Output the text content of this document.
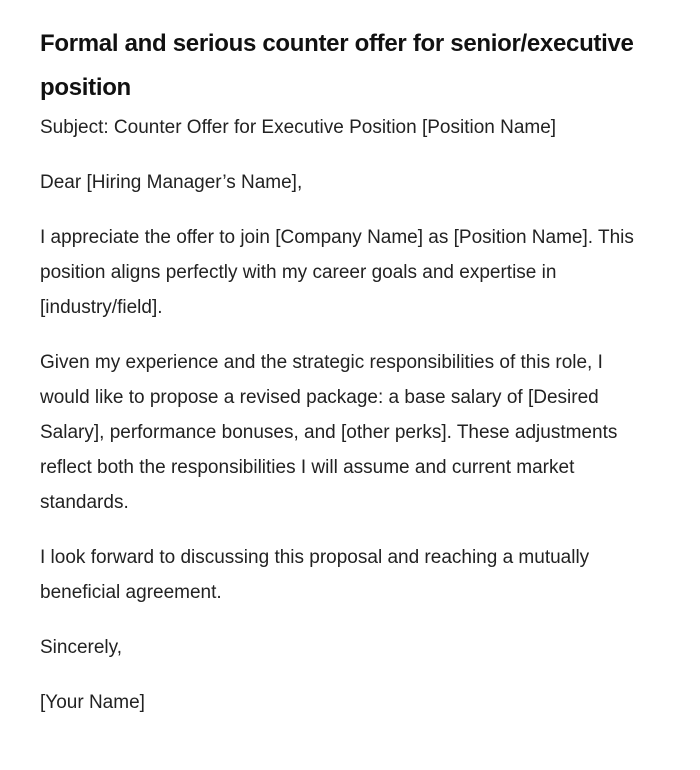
Formal and serious counter offer for senior/executive position

Subject: Counter Offer for Executive Position [Position Name]

Dear [Hiring Manager’s Name],

I appreciate the offer to join [Company Name] as [Position Name]. This position aligns perfectly with my career goals and expertise in [industry/field].

Given my experience and the strategic responsibilities of this role, I would like to propose a revised package: a base salary of [Desired Salary], performance bonuses, and [other perks]. These adjustments reflect both the responsibilities I will assume and current market standards.

I look forward to discussing this proposal and reaching a mutually beneficial agreement.

Sincerely,

[Your Name]
